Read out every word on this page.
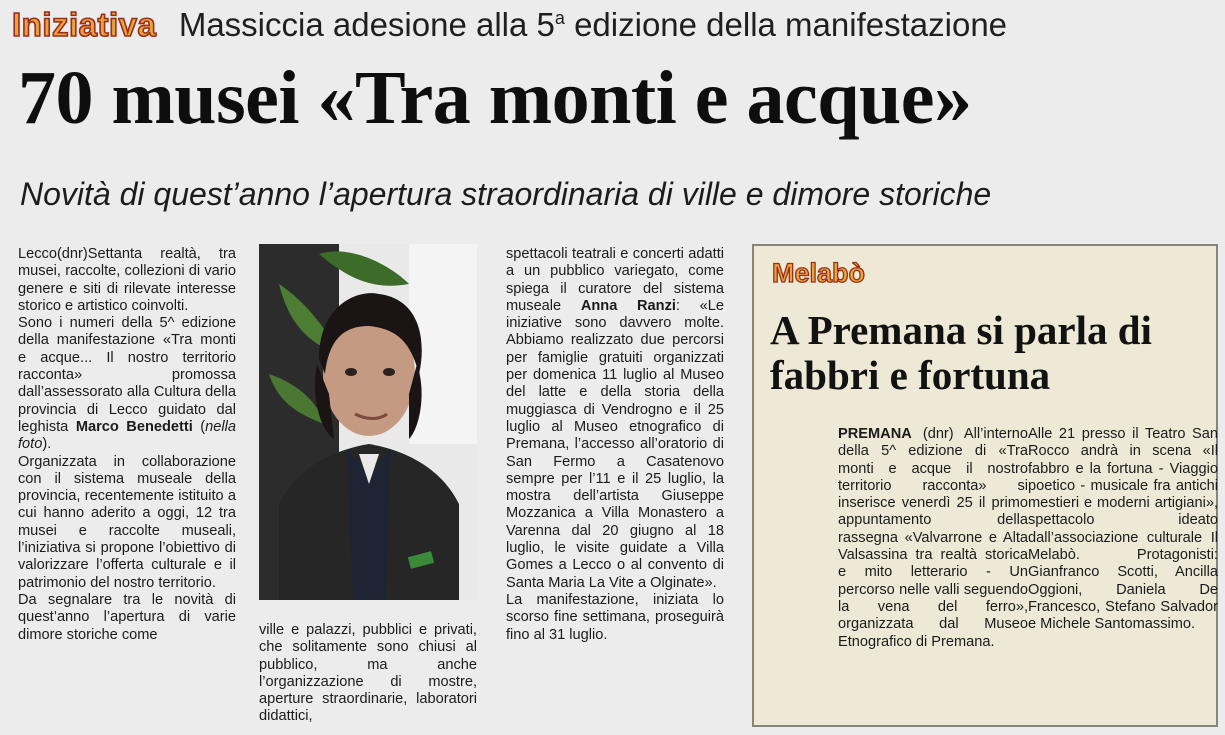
Iniziativa Massiccia adesione alla 5$^a$ edizione della manifestazione
70 musei «Tra monti e acque»
Novità di quest’anno l’apertura straordinaria di ville e dimore storiche

Lecco(dnr)Settanta realtà, tra musei, raccolte, collezioni di vario genere e siti di rilevate interesse storico e artistico coinvolti.

Sono i numeri della 5^ edizione della manifestazione «Tra monti e acque... Il nostro territorio racconta» promossa dall’assessorato alla Cultura della provincia di Lecco guidato dal leghista Marco Benedetti (nella foto).

Organizzata in collaborazione con il sistema museale della provincia, recentemente istituito a cui hanno aderito a oggi, 12 tra musei e raccolte museali, l’iniziativa si propone l’obiettivo di valorizzare l’offerta culturale e il patrimonio del nostro territorio.

Da segnalare tra le novità di quest’anno l’apertura di varie dimore storiche come	ville e palazzi, pubblici e privati, che solitamente sono chiusi al pubblico, ma anche l’organizzazione di mostre, aperture straordinarie, laboratori didattici,

spettacoli teatrali e concerti adatti a un pubblico variegato, come spiega il curatore del sistema museale Anna Ranzi: «Le iniziative sono davvero molte. Abbiamo realizzato due percorsi per famiglie gratuiti organizzati per domenica 11 luglio al Museo del latte e della storia della muggiasca di Vendrogno e il 25 luglio al Museo etnografico di Premana, l’accesso all’oratorio di San Fermo a Casatenovo sempre per l’11 e il 25 luglio, la mostra dell’artista Giuseppe Mozzanica a Villa Monastero a Varenna dal 20 giugno al 18 luglio, le visite guidate a Villa Gomes a Lecco o al convento di Santa Maria La Vite a Olginate».

La manifestazione, iniziata lo scorso fine settimana, proseguirà fino al 31 luglio.

Melabò
A Premana si parla di fabbri e fortuna

PREMANA (dnr) All’interno della 5^ edizione di «Tra monti e acque il nostro territorio racconta» si inserisce venerdì 25 il primo appuntamento della rassegna «Valvarrone e Alta Valsassina tra realtà storica e mito letterario - Un percorso nelle valli seguendo la vena del ferro», organizzata dal Museo Etnografico di Premana.

Alle 21 presso il Teatro San Rocco andrà in scena «Il fabbro e la fortuna - Viaggio poetico - musicale fra antichi mestieri e moderni artigiani», spettacolo ideato dall’associazione culturale Il Melabò. Protagonisti: Gianfranco Scotti, Ancilla Oggioni, Daniela De Francesco, Stefano Salvador e Michele Santomassimo.
